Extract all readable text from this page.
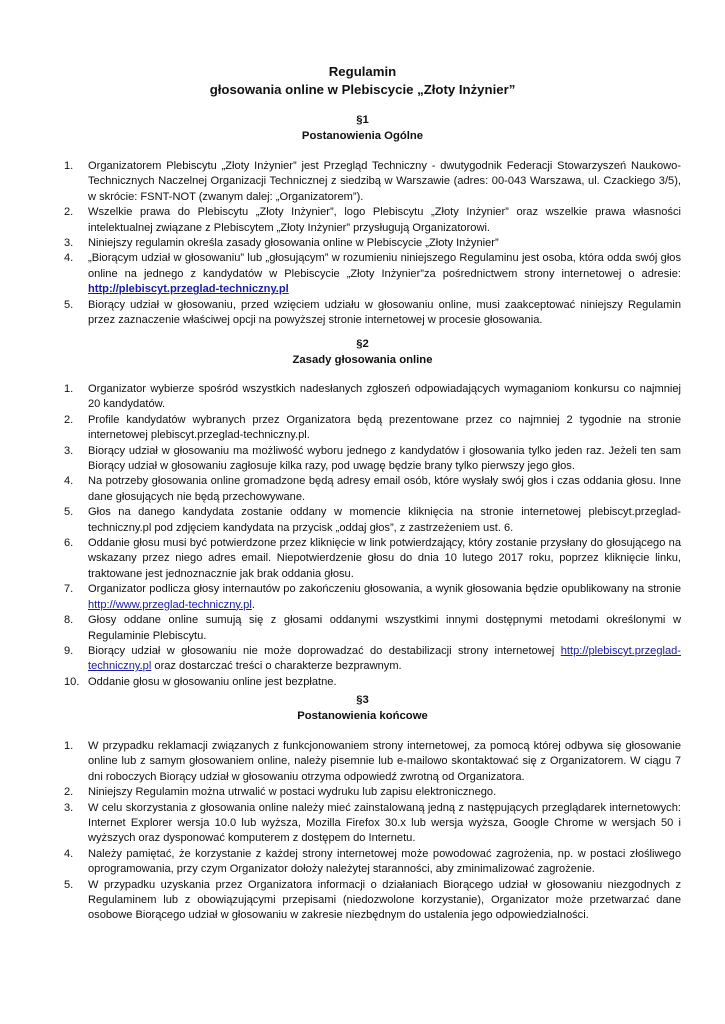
Regulamin
głosowania online w Plebiscycie „Złoty Inżynier”
§1
Postanowienia Ogólne
1.	Organizatorem Plebiscytu „Złoty Inżynier” jest Przegląd Techniczny - dwutygodnik Federacji Stowarzyszeń Naukowo-Technicznych Naczelnej Organizacji Technicznej z siedzibą w Warszawie (adres: 00-043 Warszawa, ul. Czackiego 3/5), w skrócie: FSNT-NOT (zwanym dalej: „Organizatorem”).
2.	Wszelkie prawa do Plebiscytu „Złoty Inżynier”, logo Plebiscytu „Złoty Inżynier” oraz wszelkie prawa własności intelektualnej związane z Plebiscytem „Złoty Inżynier” przysługują Organizatorowi.
3.	Niniejszy regulamin określa zasady głosowania online w Plebiscycie „Złoty Inżynier”
4.	„Biorącym udział w głosowaniu” lub „głosującym” w rozumieniu niniejszego Regulaminu jest osoba, która odda swój głos online na jednego z kandydatów w Plebiscycie „Złoty Inżynier”za pośrednictwem strony internetowej o adresie: http://plebiscyt.przeglad-techniczny.pl
5.	Biorący udział w głosowaniu, przed wzięciem udziału w głosowaniu online, musi zaakceptować niniejszy Regulamin przez zaznaczenie właściwej opcji na powyższej stronie internetowej w procesie głosowania.
§2
Zasady głosowania online
1.	Organizator wybierze spośród wszystkich nadesłanych zgłoszeń odpowiadających wymaganiom konkursu co najmniej 20 kandydatów.
2.	Profile kandydatów wybranych przez Organizatora będą prezentowane przez co najmniej 2 tygodnie na stronie internetowej plebiscyt.przeglad-techniczny.pl.
3.	Biorący udział w głosowaniu ma możliwość wyboru jednego z kandydatów i głosowania tylko jeden raz. Jeżeli ten sam Biorący udział w głosowaniu zagłosuje kilka razy, pod uwagę będzie brany tylko pierwszy jego głos.
4.	Na potrzeby głosowania online gromadzone będą adresy email osób, które wysłały swój głos i czas oddania głosu. Inne dane głosujących nie będą przechowywane.
5.	Głos na danego kandydata zostanie oddany w momencie kliknięcia na stronie internetowej plebiscyt.przeglad-techniczny.pl pod zdjęciem kandydata na przycisk „oddaj głos”, z zastrzeżeniem ust. 6.
6.	Oddanie głosu musi być potwierdzone przez kliknięcie w link potwierdzający, który zostanie przysłany do głosującego na wskazany przez niego adres email. Niepotwierdzenie głosu do dnia 10 lutego 2017 roku, poprzez kliknięcie linku, traktowane jest jednoznacznie jak brak oddania głosu.
7.	Organizator podlicza głosy internautów po zakończeniu głosowania, a wynik głosowania będzie opublikowany na stronie http://www.przeglad-techniczny.pl.
8.	Głosy oddane online sumują się z głosami oddanymi wszystkimi innymi dostępnymi metodami określonymi w Regulaminie Plebiscytu.
9.	Biorący udział w głosowaniu nie może doprowadzać do destabilizacji strony internetowej http://plebiscyt.przeglad-techniczny.pl oraz dostarczać treści o charakterze bezprawnym.
10. Oddanie głosu w głosowaniu online jest bezpłatne.
§3
Postanowienia końcowe
1.	W przypadku reklamacji związanych z funkcjonowaniem strony internetowej, za pomocą której odbywa się głosowanie online lub z samym głosowaniem online, należy pisemnie lub e-mailowo skontaktować się z Organizatorem. W ciągu 7 dni roboczych Biorący udział w głosowaniu otrzyma odpowiedź zwrotną od Organizatora.
2.	Niniejszy Regulamin można utrwalić w postaci wydruku lub zapisu elektronicznego.
3.	W celu skorzystania z głosowania online należy mieć zainstalowaną jedną z następujących przeglądarek internetowych: Internet Explorer wersja 10.0 lub wyższa, Mozilla Firefox 30.x lub wersja wyższa, Google Chrome w wersjach 50 i wyższych oraz dysponować komputerem z dostępem do Internetu.
4.	Należy pamiętać, że korzystanie z każdej strony internetowej może powodować zagrożenia, np. w postaci złośliwego oprogramowania, przy czym Organizator dołoży należytej staranności, aby zminimalizować zagrożenie.
5.	W przypadku uzyskania przez Organizatora informacji o działaniach Biorącego udział w głosowaniu niezgodnych z Regulaminem lub z obowiązującymi przepisami (niedozwolone korzystanie), Organizator może przetwarzać dane osobowe Biorącego udział w głosowaniu w zakresie niezbędnym do ustalenia jego odpowiedzialności.
